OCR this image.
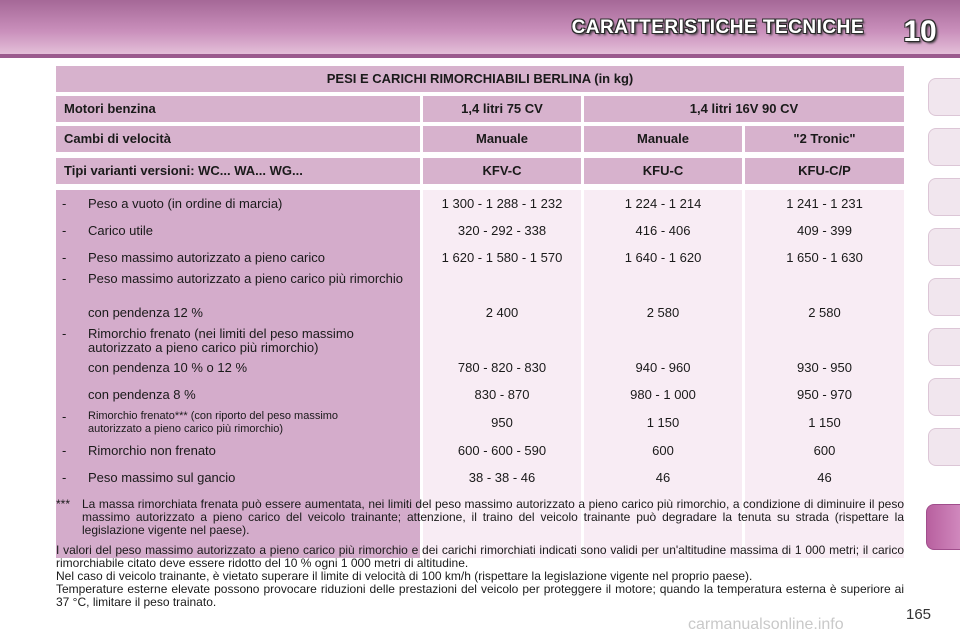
CARATTERISTICHE TECNICHE 10
PESI E CARICHI RIMORCHIABILI BERLINA (in kg)
Motori benzina	1,4 litri 75 CV	1,4 litri 16V 90 CV
Cambi di velocità	Manuale	Manuale	"2 Tronic"
Tipi varianti versioni: WC... WA... WG...	KFV-C	KFU-C	KFU-C/P
- Peso a vuoto (in ordine di marcia)	1 300 - 1 288 - 1 232	1 224 - 1 214	1 241 - 1 231
- Carico utile	320 - 292 - 338	416 - 406	409 - 399
- Peso massimo autorizzato a pieno carico	1 620 - 1 580 - 1 570	1 640 - 1 620	1 650 - 1 630
- Peso massimo autorizzato a pieno carico più rimorchio
con pendenza 12 %	2 400	2 580	2 580
- Rimorchio frenato (nei limiti del peso massimo autorizzato a pieno carico più rimorchio)
con pendenza 10 % o 12 %	780 - 820 - 830	940 - 960	930 - 950
con pendenza 8 %	830 - 870	980 - 1 000	950 - 970
- Rimorchio frenato*** (con riporto del peso massimo autorizzato a pieno carico più rimorchio)	950	1 150	1 150
- Rimorchio non frenato	600 - 600 - 590	600	600
- Peso massimo sul gancio	38 - 38 - 46	46	46
*** La massa rimorchiata frenata può essere aumentata, nei limiti del peso massimo autorizzato a pieno carico più rimorchio, a condizione di diminuire il peso massimo autorizzato a pieno carico del veicolo trainante; attenzione, il traino del veicolo trainante può degradare la tenuta su strada (rispettare la legislazione vigente nel paese).
I valori del peso massimo autorizzato a pieno carico più rimorchio e dei carichi rimorchiati indicati sono validi per un'altitudine massima di 1 000 metri; il carico rimorchiabile citato deve essere ridotto del 10 % ogni 1 000 metri di altitudine.
Nel caso di veicolo trainante, è vietato superare il limite di velocità di 100 km/h (rispettare la legislazione vigente nel proprio paese).
Temperature esterne elevate possono provocare riduzioni delle prestazioni del veicolo per proteggere il motore; quando la temperatura esterna è superiore ai 37 °C, limitare il peso trainato.
165
carmanualsonline.info
